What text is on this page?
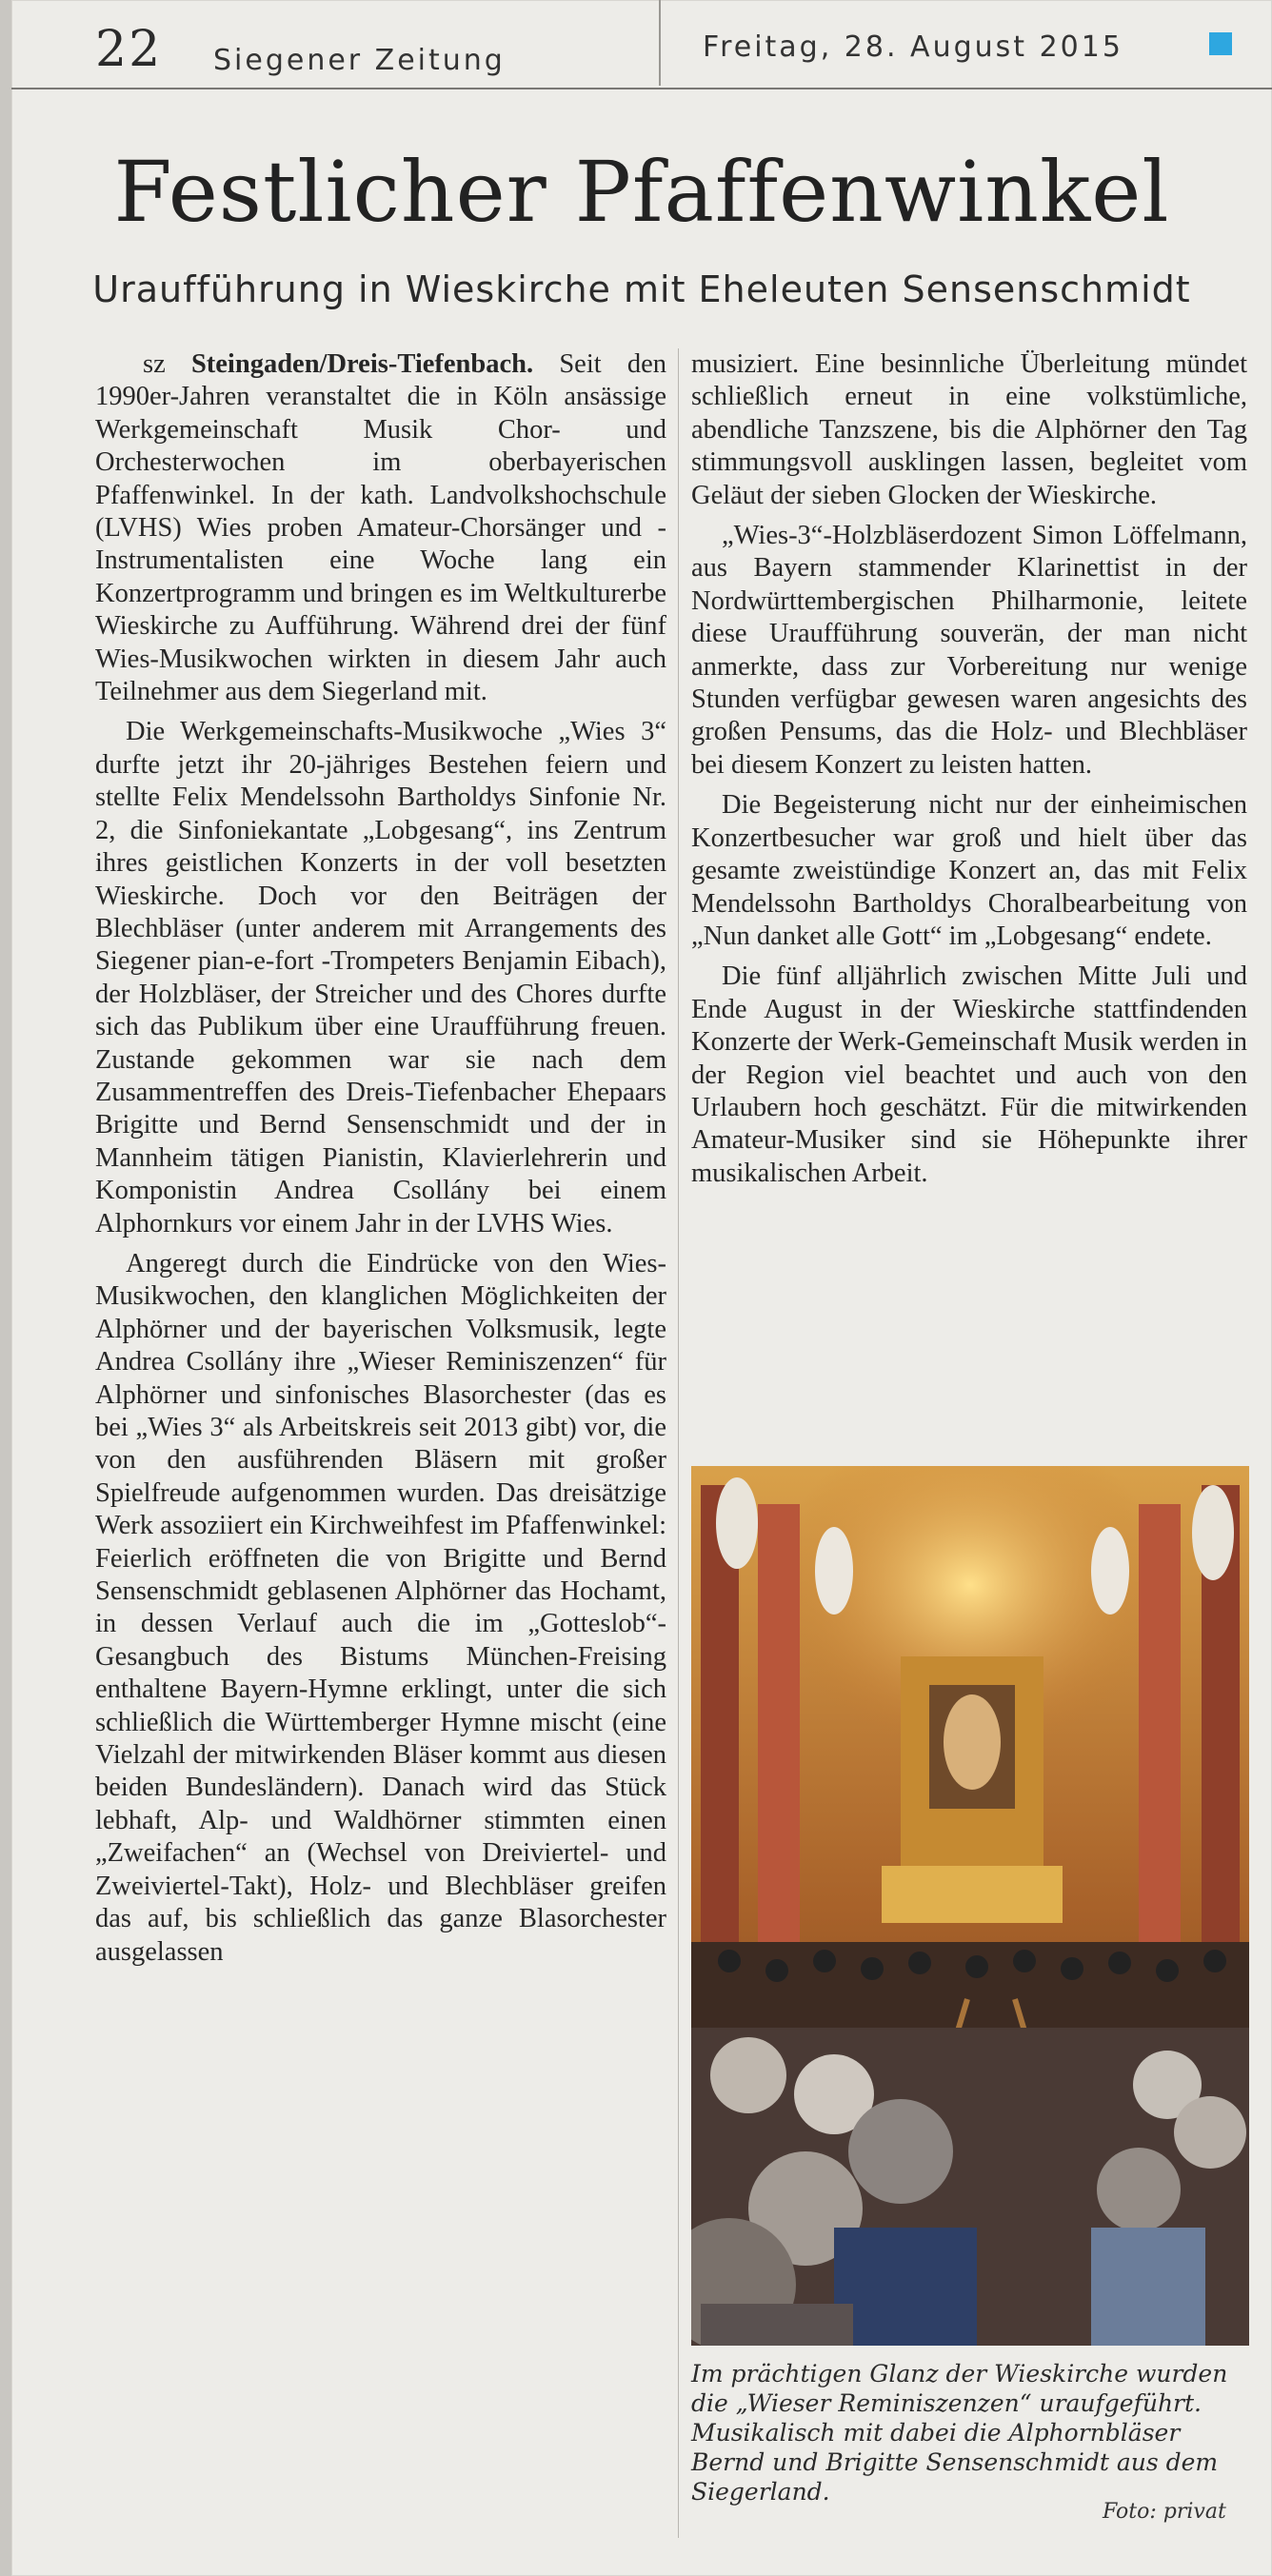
22 Siegener Zeitung	Freitag, 28. August 2015
Festlicher Pfaffenwinkel
Uraufführung in Wieskirche mit Eheleuten Sensenschmidt

sz Steingaden/Dreis-Tiefenbach. Seit den 1990er-Jahren veranstaltet die in Köln ansässige Werkgemeinschaft Musik Chor- und Orchesterwochen im oberbayerischen Pfaffenwinkel. In der kath. Landvolkshochschule (LVHS) Wies proben Amateur-Chorsänger und -Instrumentalisten eine Woche lang ein Konzertprogramm und bringen es im Weltkulturerbe Wieskirche zu Aufführung. Während drei der fünf Wies-Musikwochen wirkten in diesem Jahr auch Teilnehmer aus dem Siegerland mit.

Die Werkgemeinschafts-Musikwoche „Wies 3“ durfte jetzt ihr 20-jähriges Bestehen feiern und stellte Felix Mendelssohn Bartholdys Sinfonie Nr. 2, die Sinfoniekantate „Lobgesang“, ins Zentrum ihres geistlichen Konzerts in der voll besetzten Wieskirche. Doch vor den Beiträgen der Blechbläser (unter anderem mit Arrangements des Siegener pian-e-fort -Trompeters Benjamin Eibach), der Holzbläser, der Streicher und des Chores durfte sich das Publikum über eine Uraufführung freuen. Zustande gekommen war sie nach dem Zusammentreffen des Dreis-Tiefenbacher Ehepaars Brigitte und Bernd Sensenschmidt und der in Mannheim tätigen Pianistin, Klavierlehrerin und Komponistin Andrea Csollány bei einem Alphornkurs vor einem Jahr in der LVHS Wies.

Angeregt durch die Eindrücke von den Wies-Musikwochen, den klanglichen Möglichkeiten der Alphörner und der bayerischen Volksmusik, legte Andrea Csollány ihre „Wieser Reminiszenzen“ für Alphörner und sinfonisches Blasorchester (das es bei „Wies 3“ als Arbeitskreis seit 2013 gibt) vor, die von den ausführenden Bläsern mit großer Spielfreude aufgenommen wurden. Das dreisätzige Werk assoziiert ein Kirchweihfest im Pfaffenwinkel: Feierlich eröffneten die von Brigitte und Bernd Sensenschmidt geblasenen Alphörner das Hochamt, in dessen Verlauf auch die im „Gotteslob“-Gesangbuch des Bistums München-Freising enthaltene Bayern-Hymne erklingt, unter die sich schließlich die Württemberger Hymne mischt (eine Vielzahl der mitwirkenden Bläser kommt aus diesen beiden Bundesländern). Danach wird das Stück lebhaft, Alp- und Waldhörner stimmten einen „Zweifachen“ an (Wechsel von Dreiviertel- und Zweiviertel-Takt), Holz- und Blechbläser greifen das auf, bis schließlich das ganze Blasorchester ausgelassen

musiziert. Eine besinnliche Überleitung mündet schließlich erneut in eine volkstümliche, abendliche Tanzszene, bis die Alphörner den Tag stimmungsvoll ausklingen lassen, begleitet vom Geläut der sieben Glocken der Wieskirche.

„Wies-3“-Holzbläserdozent Simon Löffelmann, aus Bayern stammender Klarinettist in der Nordwürttembergischen Philharmonie, leitete diese Uraufführung souverän, der man nicht anmerkte, dass zur Vorbereitung nur wenige Stunden verfügbar gewesen waren angesichts des großen Pensums, das die Holz- und Blechbläser bei diesem Konzert zu leisten hatten.

Die Begeisterung nicht nur der einheimischen Konzertbesucher war groß und hielt über das gesamte zweistündige Konzert an, das mit Felix Mendelssohn Bartholdys Choralbearbeitung von „Nun danket alle Gott“ im „Lobgesang“ endete.

Die fünf alljährlich zwischen Mitte Juli und Ende August in der Wieskirche stattfindenden Konzerte der Werk-Gemeinschaft Musik werden in der Region viel beachtet und auch von den Urlaubern hoch geschätzt. Für die mitwirkenden Amateur-Musiker sind sie Höhepunkte ihrer musikalischen Arbeit.

Im prächtigen Glanz der Wieskirche wurden die „Wieser Reminiszenzen“ uraufgeführt. Musikalisch mit dabei die Alphornbläser Bernd und Brigitte Sensenschmidt aus dem Siegerland.
Foto: privat
